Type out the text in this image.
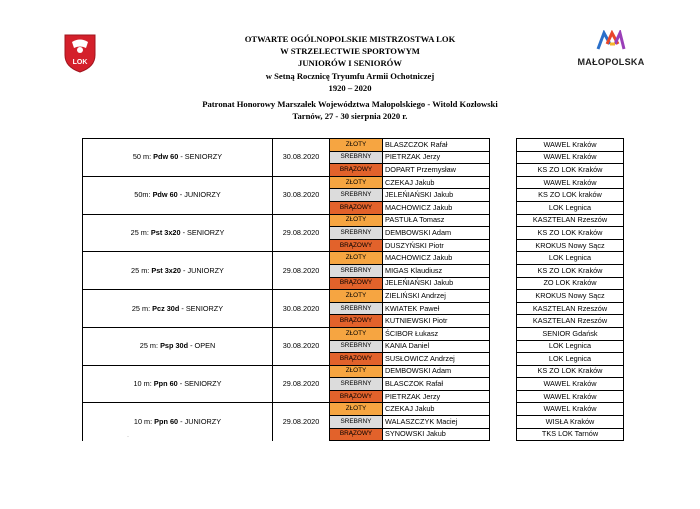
LOK	MAŁOPOLSKA
OTWARTE OGÓLNOPOLSKIE MISTRZOSTWA LOK
W STRZELECTWIE SPORTOWYM
JUNIORÓW I SENIORÓW
w Setną Rocznicę Tryumfu Armii Ochotniczej
1920 – 2020
Patronat Honorowy Marszałek Województwa Małopolskiego - Witold Kozłowski
Tarnów, 27 - 30 sierpnia 2020 r.
50 m: Pdw 60 - SENIORZY	30.08.2020	ZŁOTY	BLASZCZOK Rafał		WAWEL Kraków
		SREBRNY	PIETRZAK Jerzy		WAWEL Kraków
		BRĄZOWY	DOPART Przemysław		KS ZO LOK Kraków
50m: Pdw 60 - JUNIORZY	30.08.2020	ZŁOTY	CZEKAJ Jakub		WAWEL Kraków
		SREBRNY	JELEŃIAŃSKI Jakub		KS ZO LOK kraków
		BRĄZOWY	MACHOWICZ Jakub		LOK Legnica
25 m: Pst 3x20 - SENIORZY	29.08.2020	ZŁOTY	PASTUŁA Tomasz		KASZTELAN Rzeszów
		SREBRNY	DEMBOWSKI Adam		KS ZO LOK Kraków
		BRĄZOWY	DUSZYŃSKI Piotr		KROKUS Nowy Sącz
25 m: Pst 3x20 - JUNIORZY	29.08.2020	ZŁOTY	MACHOWICZ Jakub		LOK Legnica
		SREBRNY	MIGAS Klaudiusz		KS ZO LOK Kraków
		BRĄZOWY	JELEŃIAŃSKI Jakub		ZO LOK Kraków
25 m: Pcz 30d - SENIORZY	30.08.2020	ZŁOTY	ZIELIŃSKI Andrzej		KROKUS Nowy Sącz
		SREBRNY	KWIATEK Paweł		KASZTELAN Rzeszów
		BRĄZOWY	KUTNIEWSKI Piotr		KASZTELAN Rzeszów
25 m: Psp 30d - OPEN	30.08.2020	ZŁOTY	ŚCIBOR Łukasz		SENIOR Gdańsk
		SREBRNY	KANIA Daniel		LOK Legnica
		BRĄZOWY	SUSŁOWICZ Andrzej		LOK Legnica
10 m: Ppn 60 - SENIORZY	29.08.2020	ZŁOTY	DEMBOWSKI Adam		KS ZO LOK Kraków
		SREBRNY	BLASCZOK Rafał		WAWEL Kraków
		BRĄZOWY	PIETRZAK Jerzy		WAWEL Kraków
10 m: Ppn 60 - JUNIORZY	29.08.2020	ZŁOTY	CZEKAJ Jakub		WAWEL Kraków
		SREBRNY	WALASZCZYK Maciej		WISŁA Kraków
		BRĄZOWY	SYNOWSKI Jakub		TKS LOK Tarnów
·
